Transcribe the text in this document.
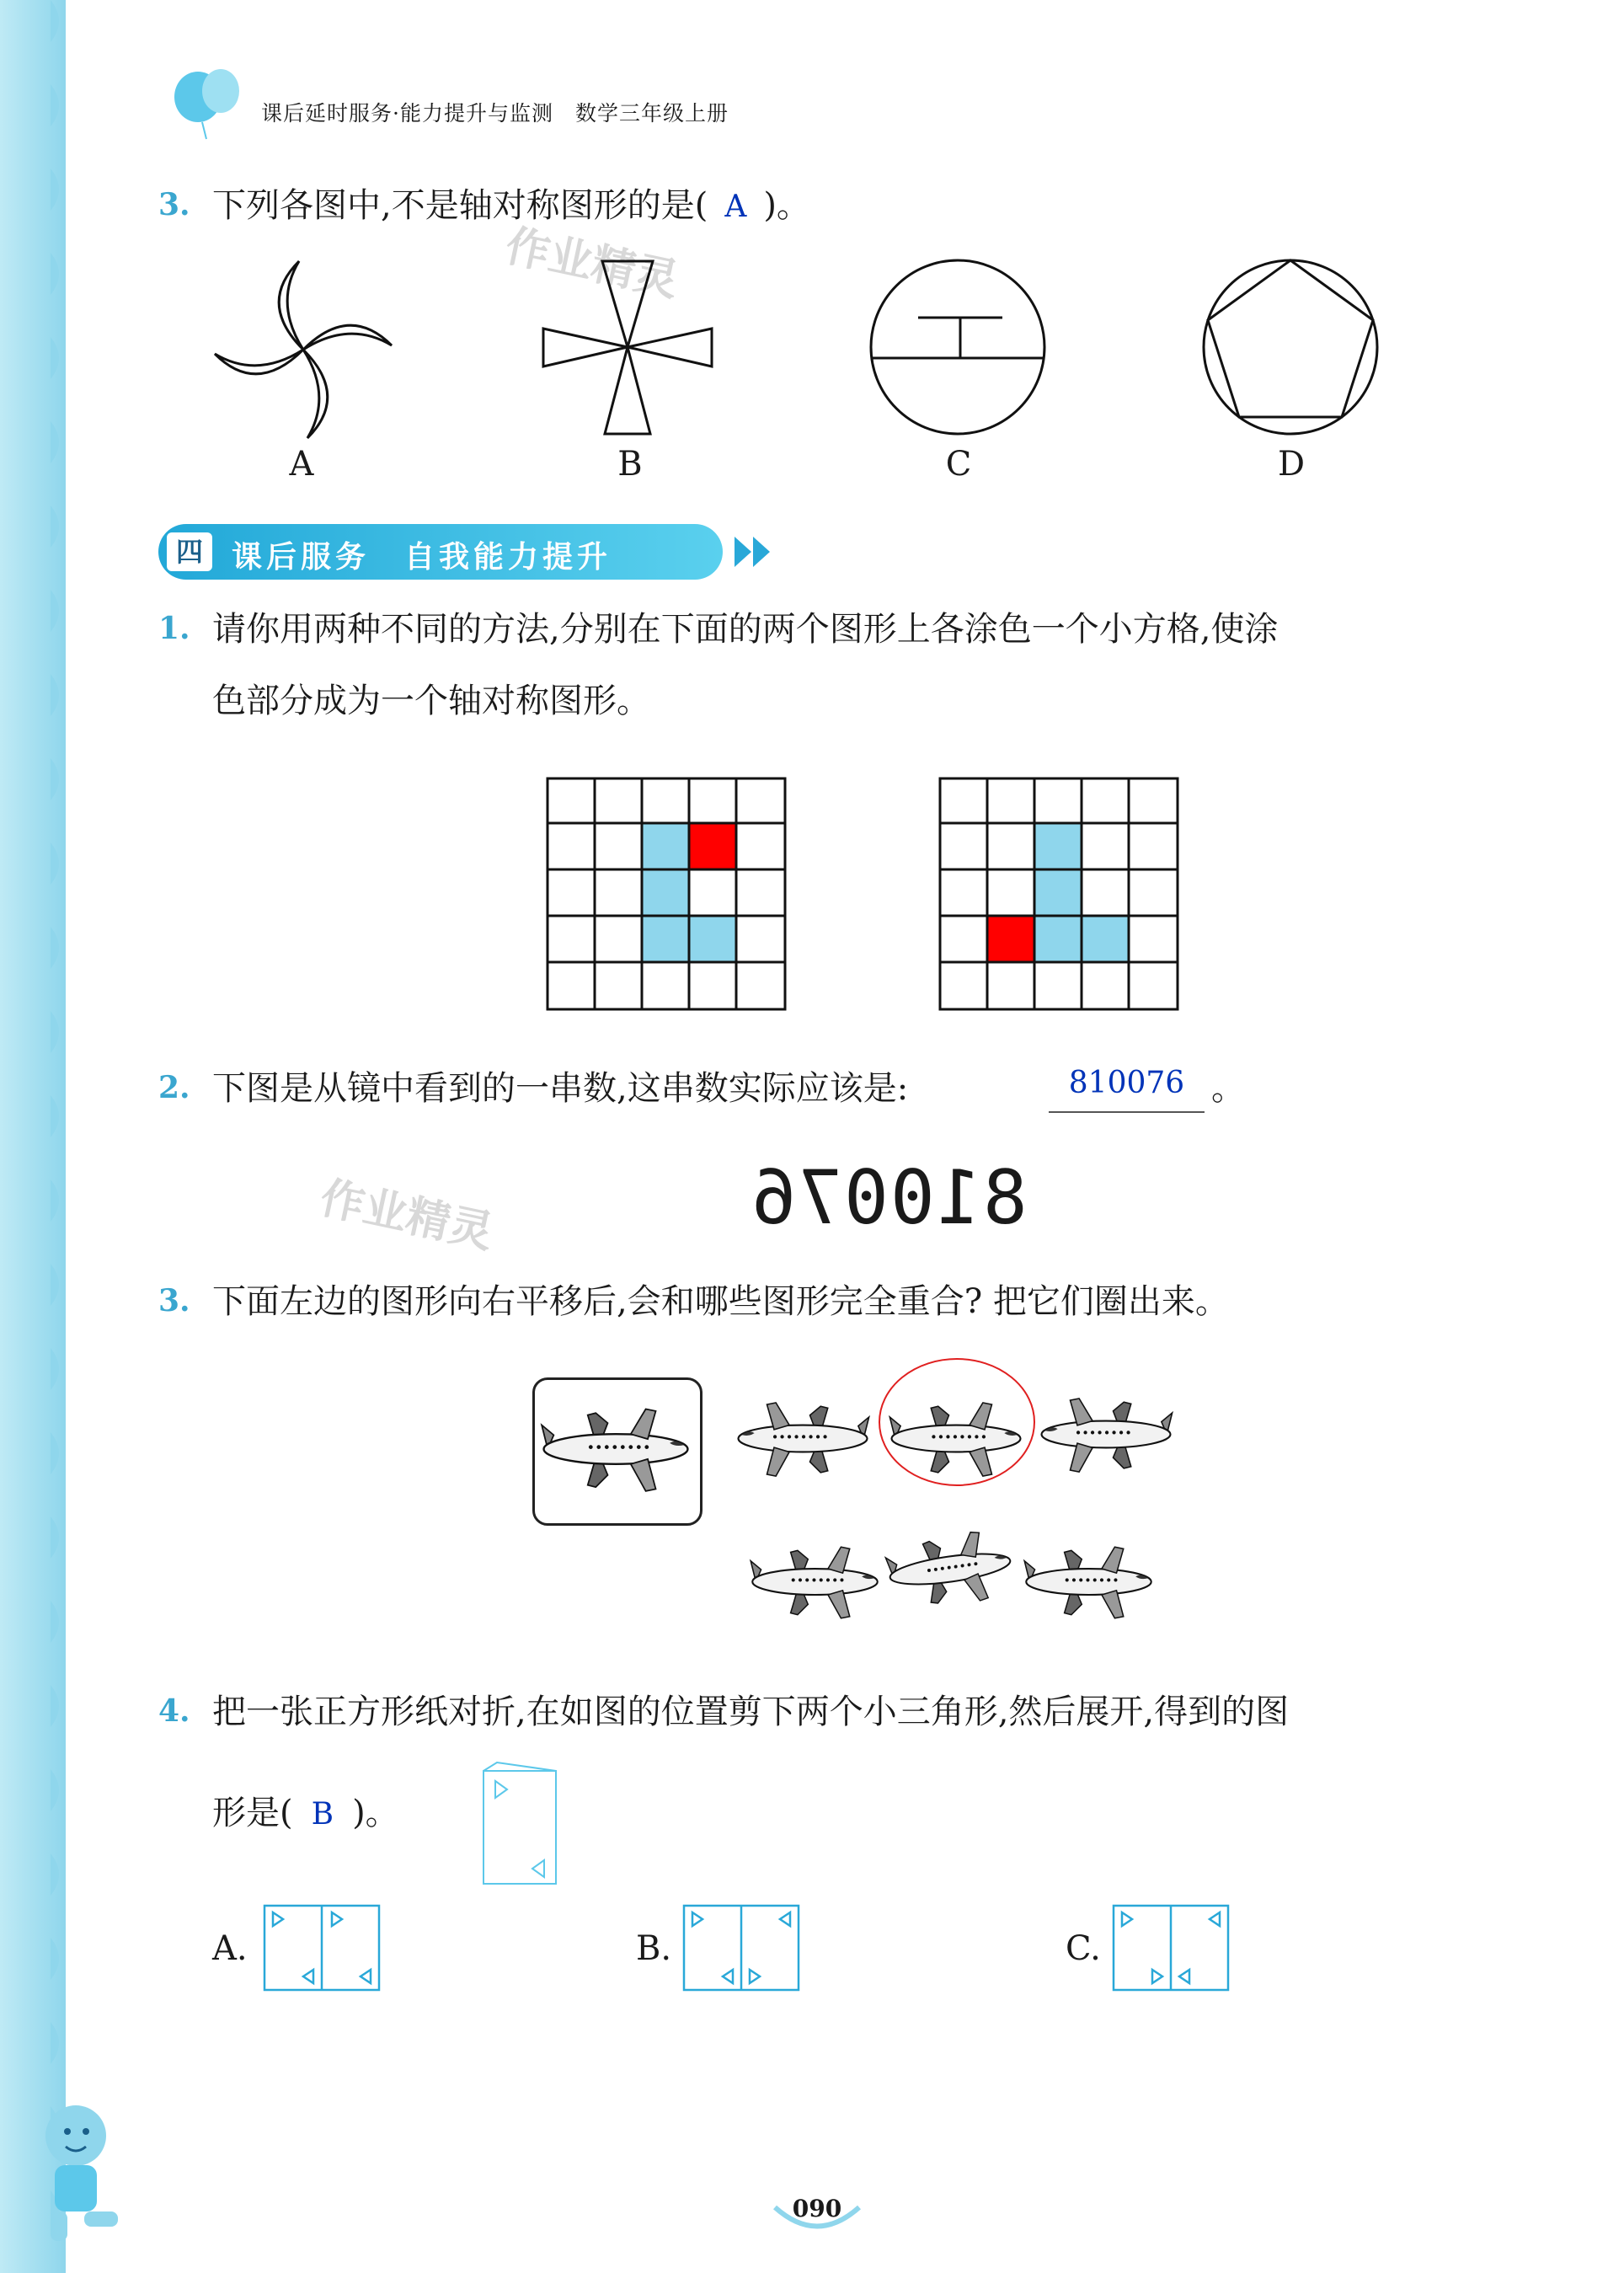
课后延时服务·能力提升与监测　数学三年级上册
3. 下列各图中,不是轴对称图形的是( A )。
作业精灵
A	B	C	D
四 课后服务　自我能力提升
1. 请你用两种不同的方法,分别在下面的两个图形上各涂色一个小方格,使涂
色部分成为一个轴对称图形。
2. 下图是从镜中看到的一串数,这串数实际应该是:	810076 。
作业精灵	810076
3. 下面左边的图形向右平移后,会和哪些图形完全重合? 把它们圈出来。
4. 把一张正方形纸对折,在如图的位置剪下两个小三角形,然后展开,得到的图
形是( B )。
A.	B.	C.
090
